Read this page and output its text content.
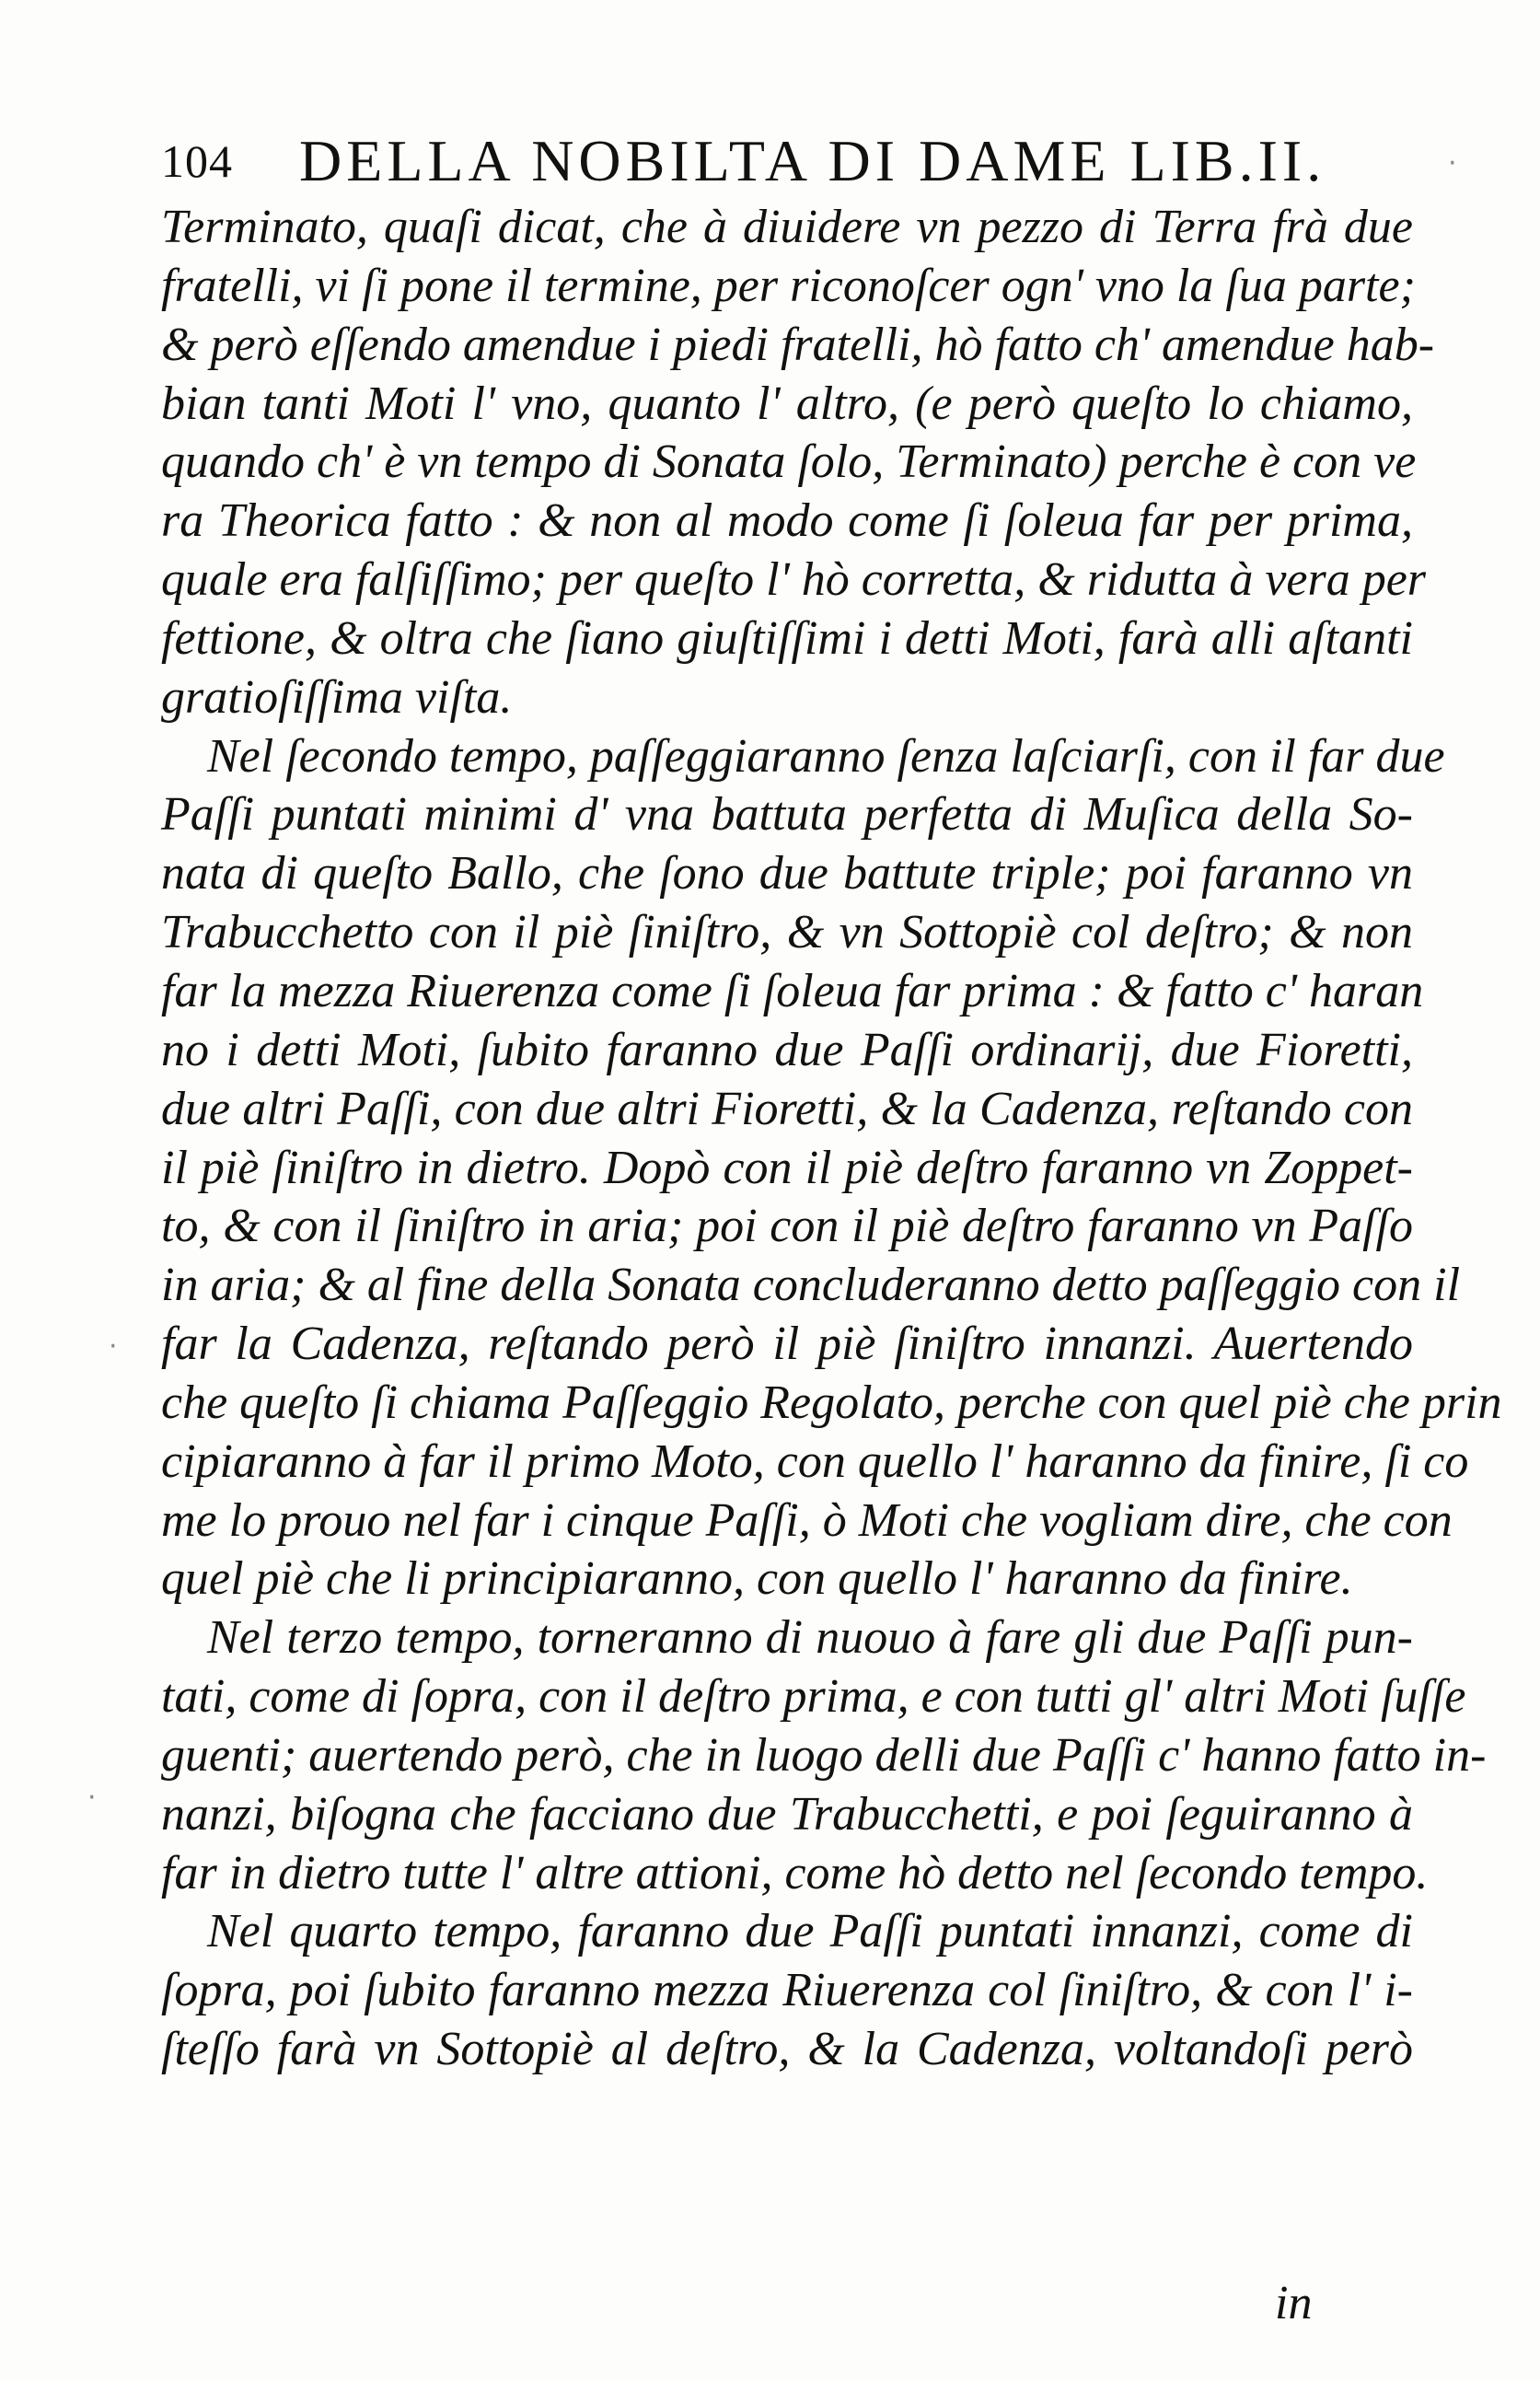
104 DELLA NOBILTA DI DAME LIB.II.
Terminato, quaſi dicat, che à diuidere vn pezzo di Terra frà due
fratelli, vi ſi pone il termine, per riconoſcer ogn' vno la ſua parte;
& però eſſendo amendue i piedi fratelli, hò fatto ch' amendue hab-
bian tanti Moti l' vno, quanto l' altro, (e però queſto lo chiamo,
quando ch' è vn tempo di Sonata ſolo, Terminato) perche è con ve
ra Theorica fatto : & non al modo come ſi ſoleua far per prima,
quale era falſiſſimo; per queſto l' hò corretta, & ridutta à vera per
fettione, & oltra che ſiano giuſtiſſimi i detti Moti, farà alli aſtanti
gratioſiſſima viſta.
Nel ſecondo tempo, paſſeggiaranno ſenza laſciarſi, con il far due
Paſſi puntati minimi d' vna battuta perfetta di Muſica della So-
nata di queſto Ballo, che ſono due battute triple; poi faranno vn
Trabucchetto con il piè ſiniſtro, & vn Sottopiè col deſtro; & non
far la mezza Riuerenza come ſi ſoleua far prima : & fatto c' haran
no i detti Moti, ſubito faranno due Paſſi ordinarij, due Fioretti,
due altri Paſſi, con due altri Fioretti, & la Cadenza, reſtando con
il piè ſiniſtro in dietro. Dopò con il piè deſtro faranno vn Zoppet-
to, & con il ſiniſtro in aria; poi con il piè deſtro faranno vn Paſſo
in aria; & al fine della Sonata concluderanno detto paſſeggio con il
far la Cadenza, reſtando però il piè ſiniſtro innanzi. Auertendo
che queſto ſi chiama Paſſeggio Regolato, perche con quel piè che prin
cipiaranno à far il primo Moto, con quello l' haranno da finire, ſi co
me lo prouo nel far i cinque Paſſi, ò Moti che vogliam dire, che con
quel piè che li principiaranno, con quello l' haranno da finire.
Nel terzo tempo, torneranno di nuouo à fare gli due Paſſi pun-
tati, come di ſopra, con il deſtro prima, e con tutti gl' altri Moti ſuſſe
guenti; auertendo però, che in luogo delli due Paſſi c' hanno fatto in-
nanzi, biſogna che facciano due Trabucchetti, e poi ſeguiranno à
far in dietro tutte l' altre attioni, come hò detto nel ſecondo tempo.
Nel quarto tempo, faranno due Paſſi puntati innanzi, come di
ſopra, poi ſubito faranno mezza Riuerenza col ſiniſtro, & con l' i-
ſteſſo farà vn Sottopiè al deſtro, & la Cadenza, voltandoſi però
in
·
·
·
